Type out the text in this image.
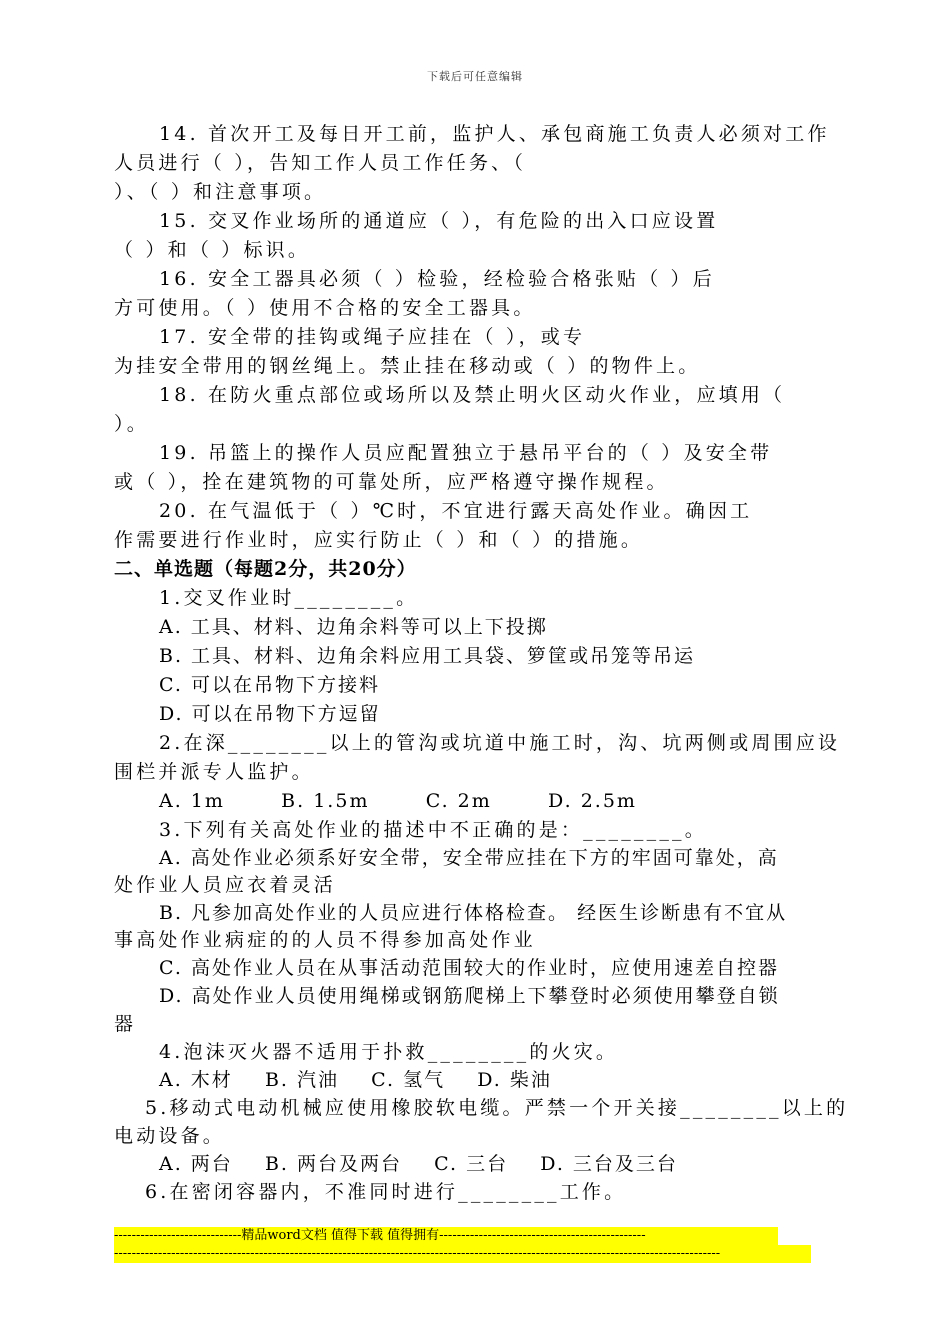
下载后可任意编辑
14. 首次开工及每日开工前，监护人、承包商施工负责人必须对工作
人员进行（ ），告知工作人员工作任务、（
）、（ ）和注意事项。
15. 交叉作业场所的通道应（ ），有危险的出入口应设置
（ ）和（ ）标识。
16. 安全工器具必须（ ）检验，经检验合格张贴（ ）后
方可使用。（ ）使用不合格的安全工器具。
17. 安全带的挂钩或绳子应挂在（ ），或专
为挂安全带用的钢丝绳上。禁止挂在移动或（ ）的物件上。
18. 在防火重点部位或场所以及禁止明火区动火作业，应填用（
）。
19. 吊篮上的操作人员应配置独立于悬吊平台的（ ）及安全带
或（ ），拴在建筑物的可靠处所，应严格遵守操作规程。
20. 在气温低于（ ）℃时，不宜进行露天高处作业。确因工
作需要进行作业时，应实行防止（ ）和（ ）的措施。
二、单选题（每题2分，共20分）
1.交叉作业时________。
A. 工具、材料、边角余料等可以上下投掷
B. 工具、材料、边角余料应用工具袋、箩筐或吊笼等吊运
C. 可以在吊物下方接料
D. 可以在吊物下方逗留
2.在深________以上的管沟或坑道中施工时，沟、坑两侧或周围应设
围栏并派专人监护。
A. 1m       B. 1.5m       C. 2m       D. 2.5m
3.下列有关高处作业的描述中不正确的是：________。
A. 高处作业必须系好安全带，安全带应挂在下方的牢固可靠处，高
处作业人员应衣着灵活
B. 凡参加高处作业的人员应进行体格检查。 经医生诊断患有不宜从
事高处作业病症的的人员不得参加高处作业
C. 高处作业人员在从事活动范围较大的作业时，应使用速差自控器
D. 高处作业人员使用绳梯或钢筋爬梯上下攀登时必须使用攀登自锁
器
4.泡沫灭火器不适用于扑救________的火灾。
A. 木材    B. 汽油    C. 氢气    D. 柴油
5.移动式电动机械应使用橡胶软电缆。严禁一个开关接________以上的
电动设备。
A. 两台    B. 两台及两台    C. 三台    D. 三台及三台
6.在密闭容器内，不准同时进行________工作。
-----------------------------精品word文档 值得下载 值得拥有-----------------------------------------------
------------------------------------------------------------------------------------------------------------------------------------------
